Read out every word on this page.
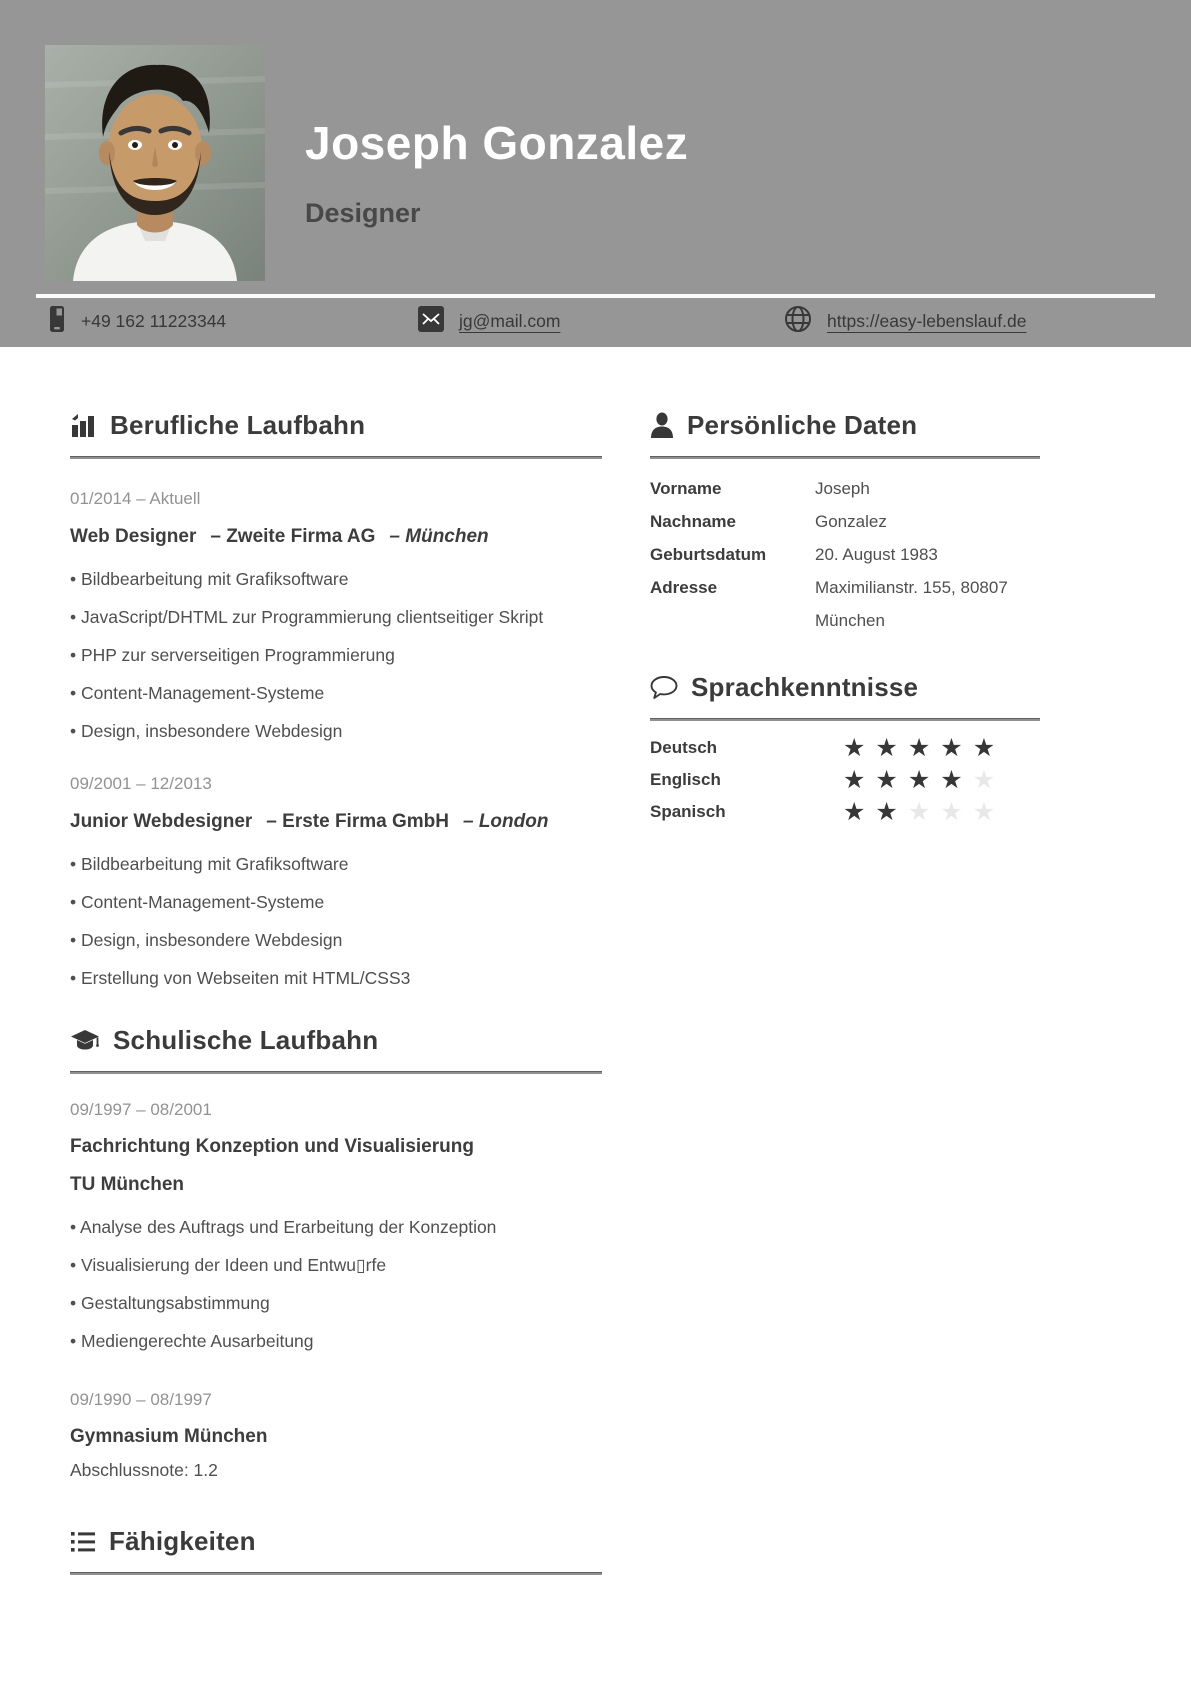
Joseph Gonzalez
Designer
+49 162 11223344	jg@mail.com	https://easy-lebenslauf.de
Berufliche Laufbahn
01/2014 – Aktuell
Web Designer – Zweite Firma AG – München
• Bildbearbeitung mit Grafiksoftware
• JavaScript/DHTML zur Programmierung clientseitiger Skript
• PHP zur serverseitigen Programmierung
• Content-Management-Systeme
• Design, insbesondere Webdesign
09/2001 – 12/2013
Junior Webdesigner – Erste Firma GmbH – London
• Bildbearbeitung mit Grafiksoftware
• Content-Management-Systeme
• Design, insbesondere Webdesign
• Erstellung von Webseiten mit HTML/CSS3
Schulische Laufbahn
09/1997 – 08/2001
Fachrichtung Konzeption und Visualisierung
TU München
• Analyse des Auftrags und Erarbeitung der Konzeption
• Visualisierung der Ideen und Entwu▯rfe
• Gestaltungsabstimmung
• Mediengerechte Ausarbeitung
09/1990 – 08/1997
Gymnasium München
Abschlussnote: 1.2
Fähigkeiten
Persönliche Daten
Vorname	Joseph
Nachname	Gonzalez
Geburtsdatum	20. August 1983
Adresse	Maximilianstr. 155, 80807 München
Sprachkenntnisse
Deutsch	★ ★ ★ ★ ★
Englisch	★ ★ ★ ★ ★
Spanisch	★ ★ ★ ★ ★
